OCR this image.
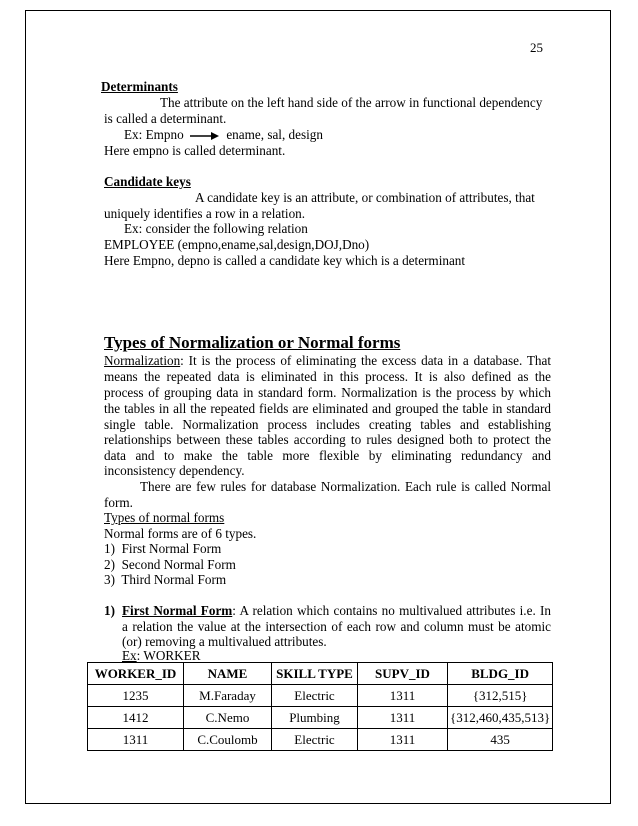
25
Determinants
The attribute on the left hand side of the arrow in functional dependency
is called a determinant.
Ex: Empno	ename, sal, design
Here empno is called determinant.
Candidate keys
A candidate key is an attribute, or combination of attributes, that
uniquely identifies a row in a relation.
Ex: consider the following relation
EMPLOYEE (empno,ename,sal,design,DOJ,Dno)
Here Empno, depno is called a candidate key which is a determinant
Types of Normalization or Normal forms
Normalization: It is the process of eliminating the excess data in a database. That
means the repeated data is eliminated in this process. It is also defined as the
process of grouping data in standard form. Normalization is the process by which
the tables in all the repeated fields are eliminated and grouped the table in standard
single table. Normalization process includes creating tables and establishing
relationships between these tables according to rules designed both to protect the
data and to make the table more flexible by eliminating redundancy and
inconsistency dependency.
There are few rules for database Normalization. Each rule is called Normal
form.
Types of normal forms
Normal forms are of 6 types.
1)  First Normal Form
2)  Second Normal Form
3)  Third Normal Form
1) First Normal Form: A relation which contains no multivalued attributes i.e. In
a relation the value at the intersection of each row and column must be atomic
(or) removing a multivalued attributes.
Ex: WORKER
WORKER_ID	NAME	SKILL TYPE	SUPV_ID	BLDG_ID
1235	M.Faraday	Electric	1311	{312,515}
1412	C.Nemo	Plumbing	1311	{312,460,435,513}
1311	C.Coulomb	Electric	1311	435
